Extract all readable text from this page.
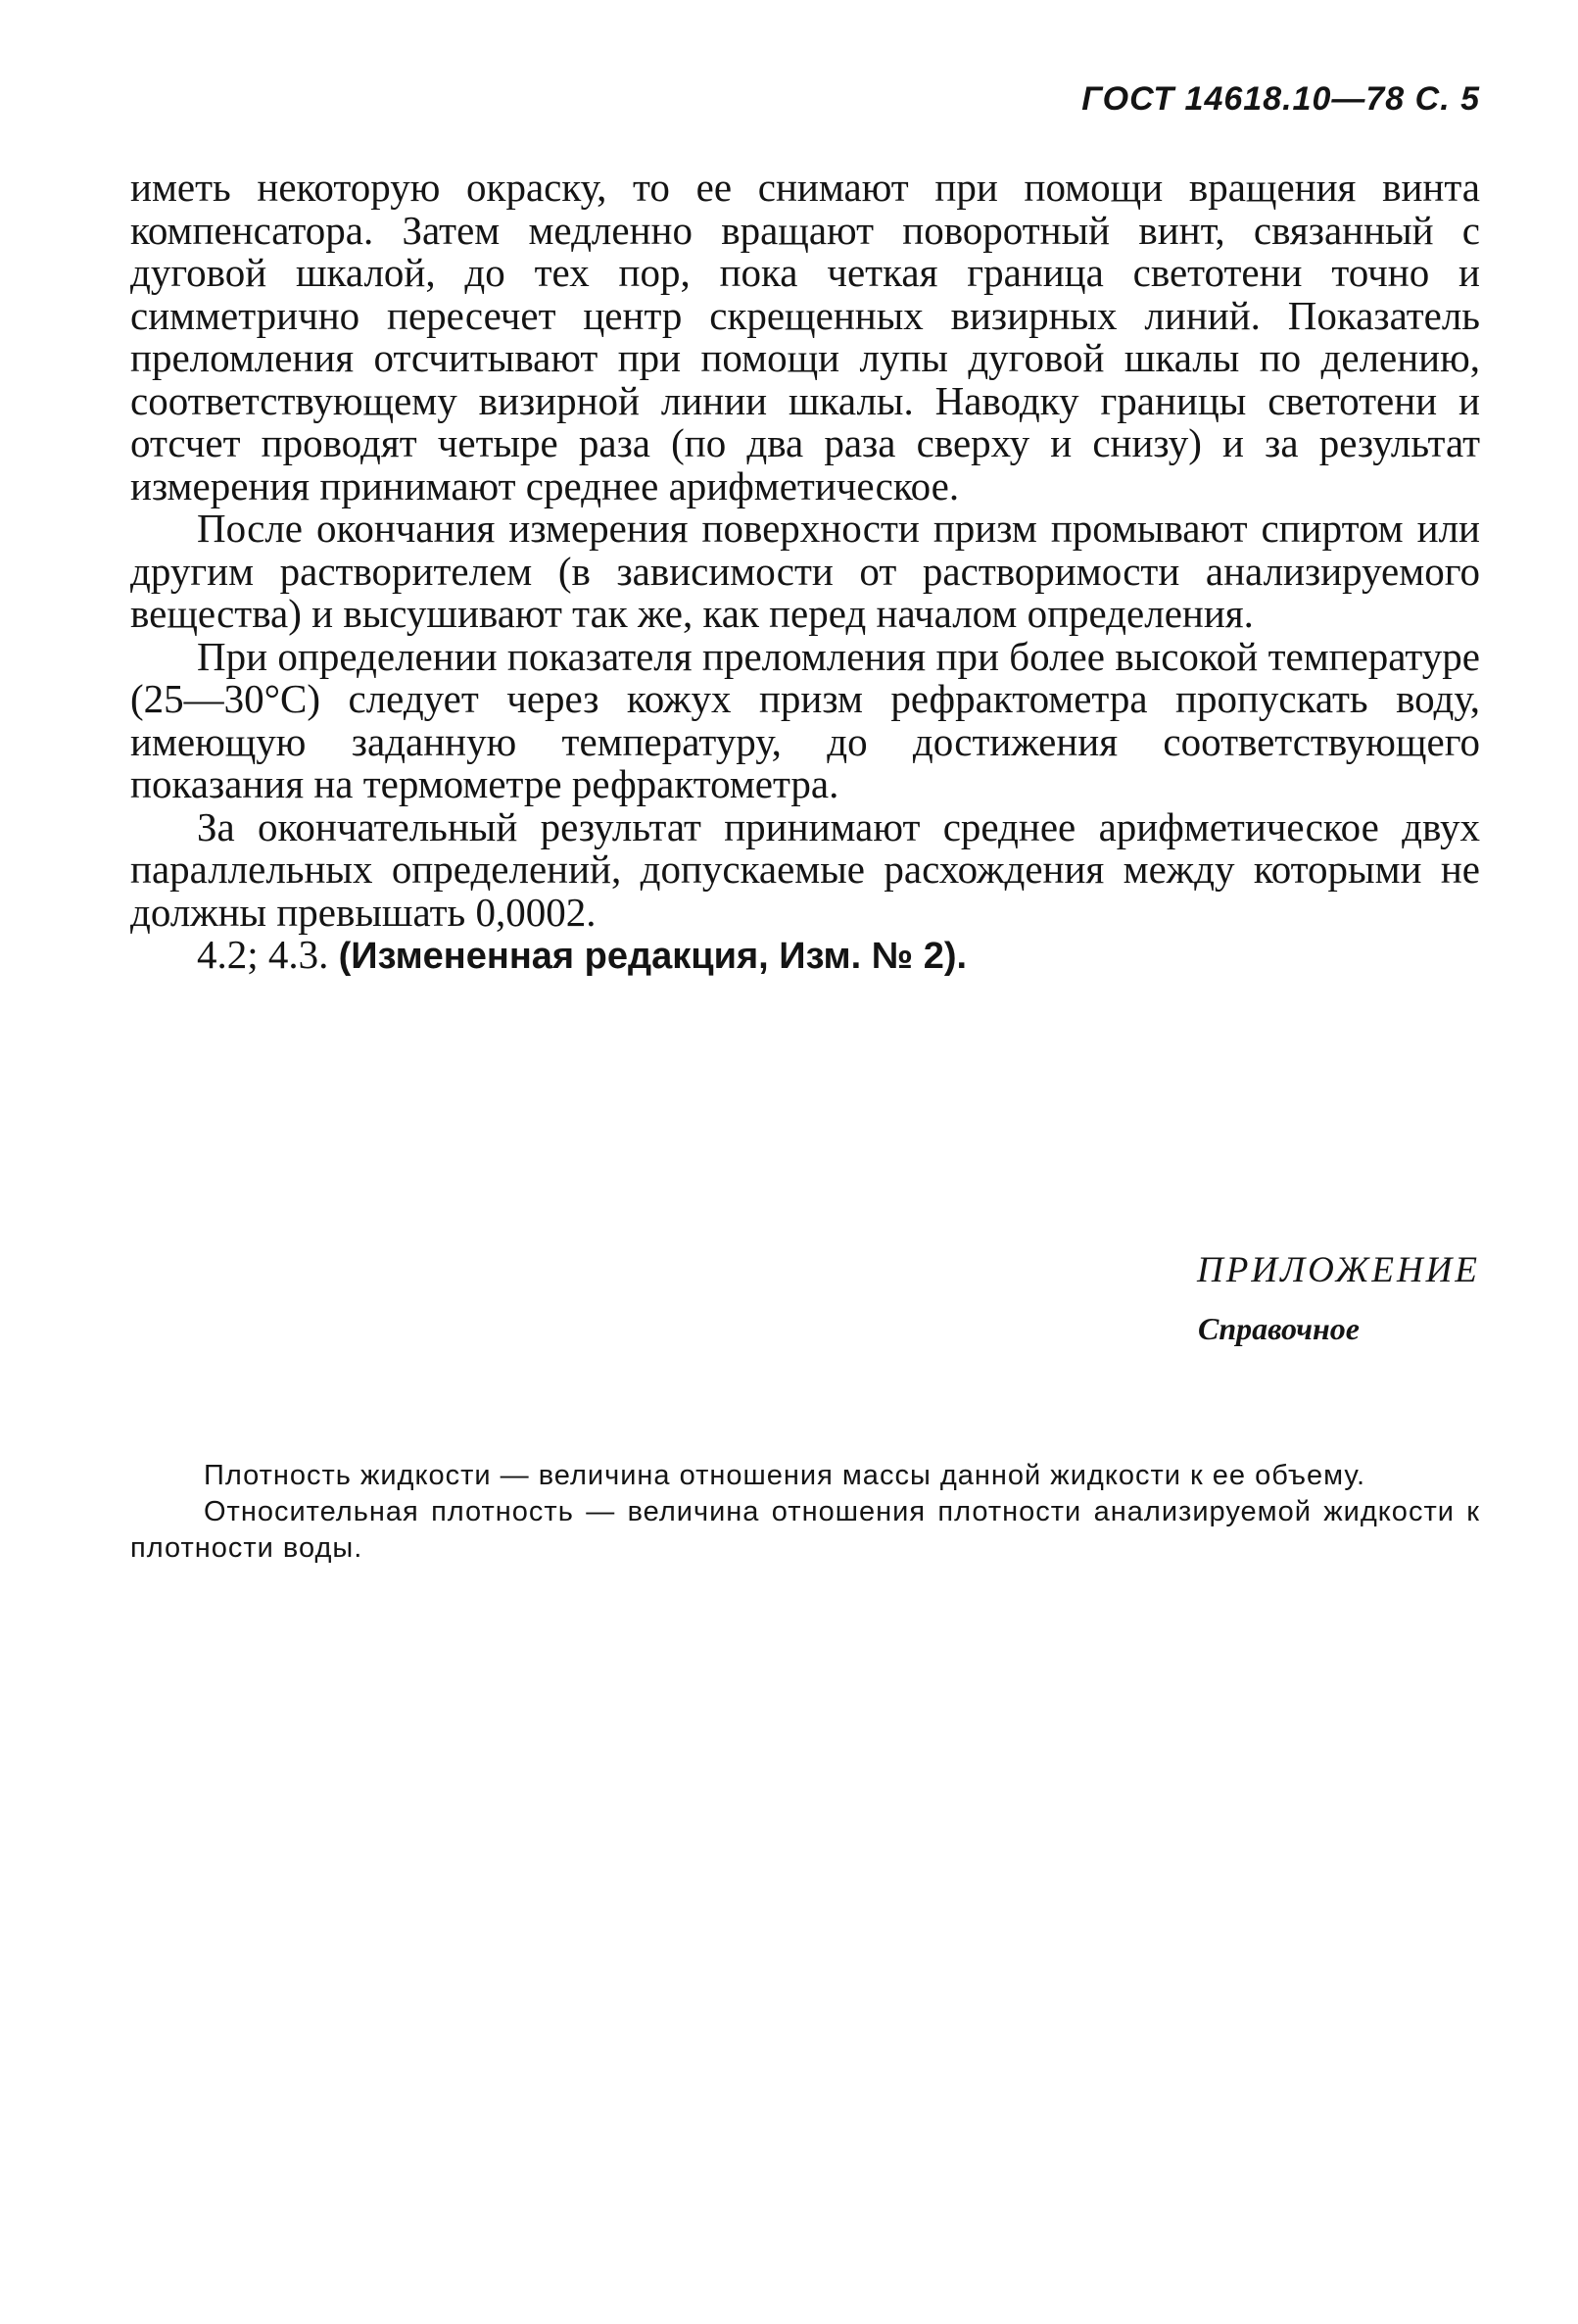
ГОСТ 14618.10—78 С. 5

иметь некоторую окраску, то ее снимают при помощи вращения винта компенсатора. Затем медленно вращают поворотный винт, связанный с дуговой шкалой, до тех пор, пока четкая граница светотени точно и симметрично пересечет центр скрещенных визирных линий. Показатель преломления отсчитывают при помощи лупы дуговой шкалы по делению, соответствующему визирной линии шкалы. Наводку границы светотени и отсчет проводят четыре раза (по два раза сверху и снизу) и за результат измерения принимают среднее арифметическое.

После окончания измерения поверхности призм промывают спиртом или другим растворителем (в зависимости от растворимости анализируемого вещества) и высушивают так же, как перед началом определения.

При определении показателя преломления при более высокой температуре (25—30°С) следует через кожух призм рефрактометра пропускать воду, имеющую заданную температуру, до достижения соответствующего показания на термометре рефрактометра.

За окончательный результат принимают среднее арифметическое двух параллельных определений, допускаемые расхождения между которыми не должны превышать 0,0002.

4.2; 4.3. (Измененная редакция, Изм. № 2).

ПРИЛОЖЕНИЕ
Справочное

Плотность жидкости — величина отношения массы данной жидкости к ее объему.

Относительная плотность — величина отношения плотности анализируемой жидкости к плотности воды.
